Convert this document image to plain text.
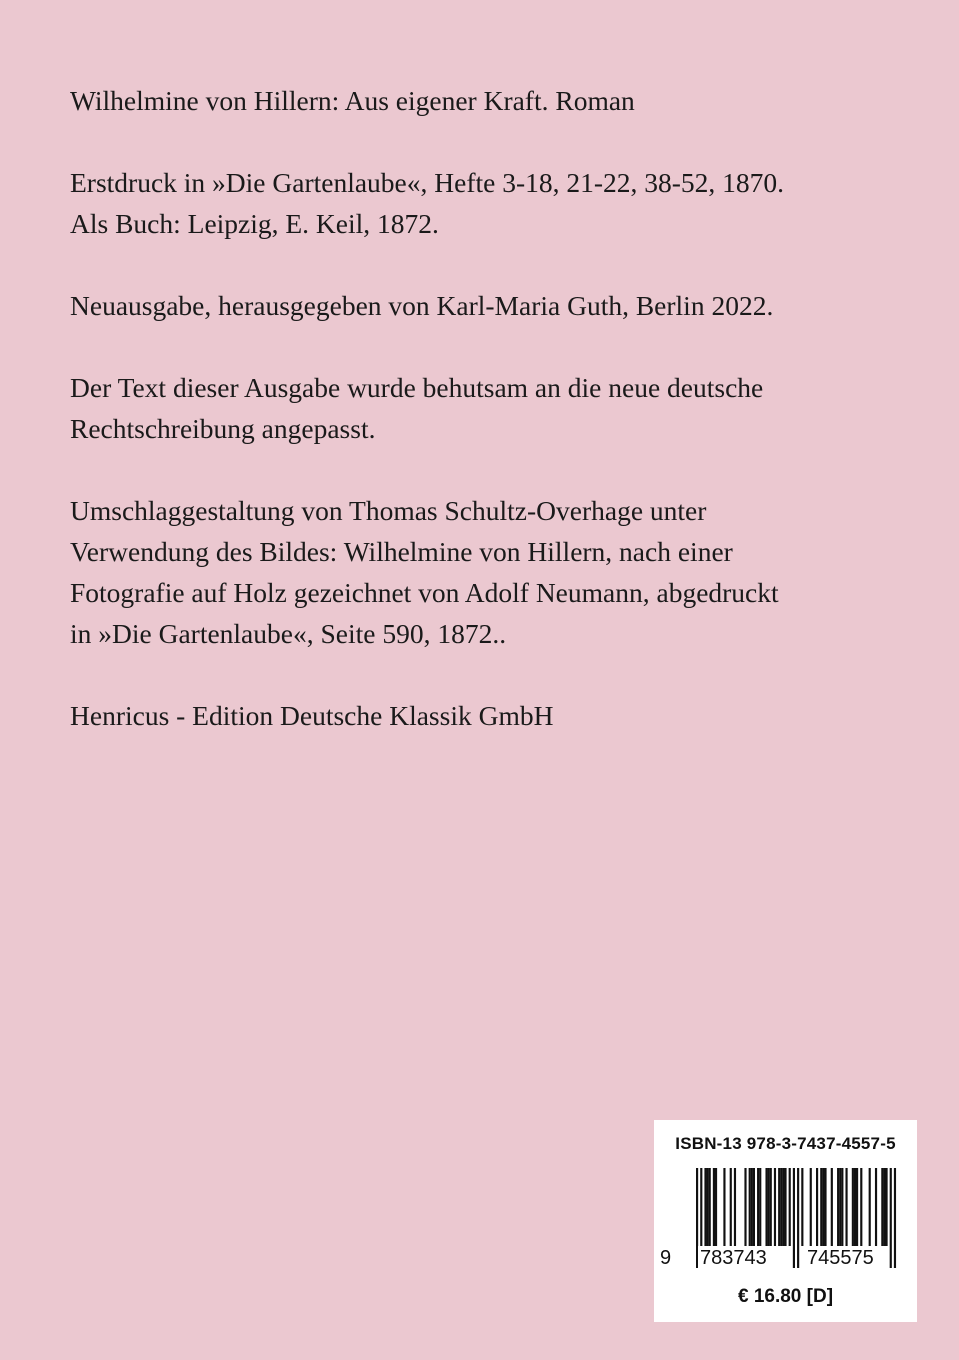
Wilhelmine von Hillern: Aus eigener Kraft. Roman

Erstdruck in »Die Gartenlaube«, Hefte 3-18, 21-22, 38-52, 1870.
Als Buch: Leipzig, E. Keil, 1872.

Neuausgabe, herausgegeben von Karl-Maria Guth, Berlin 2022.

Der Text dieser Ausgabe wurde behutsam an die neue deutsche
Rechtschreibung angepasst.

Umschlaggestaltung von Thomas Schultz-Overhage unter
Verwendung des Bildes: Wilhelmine von Hillern, nach einer
Fotografie auf Holz gezeichnet von Adolf Neumann, abgedruckt
in »Die Gartenlaube«, Seite 590, 1872..

Henricus - Edition Deutsche Klassik GmbH

ISBN-13 978-3-7437-4557-5
9 783743 745575
€ 16.80 [D]
